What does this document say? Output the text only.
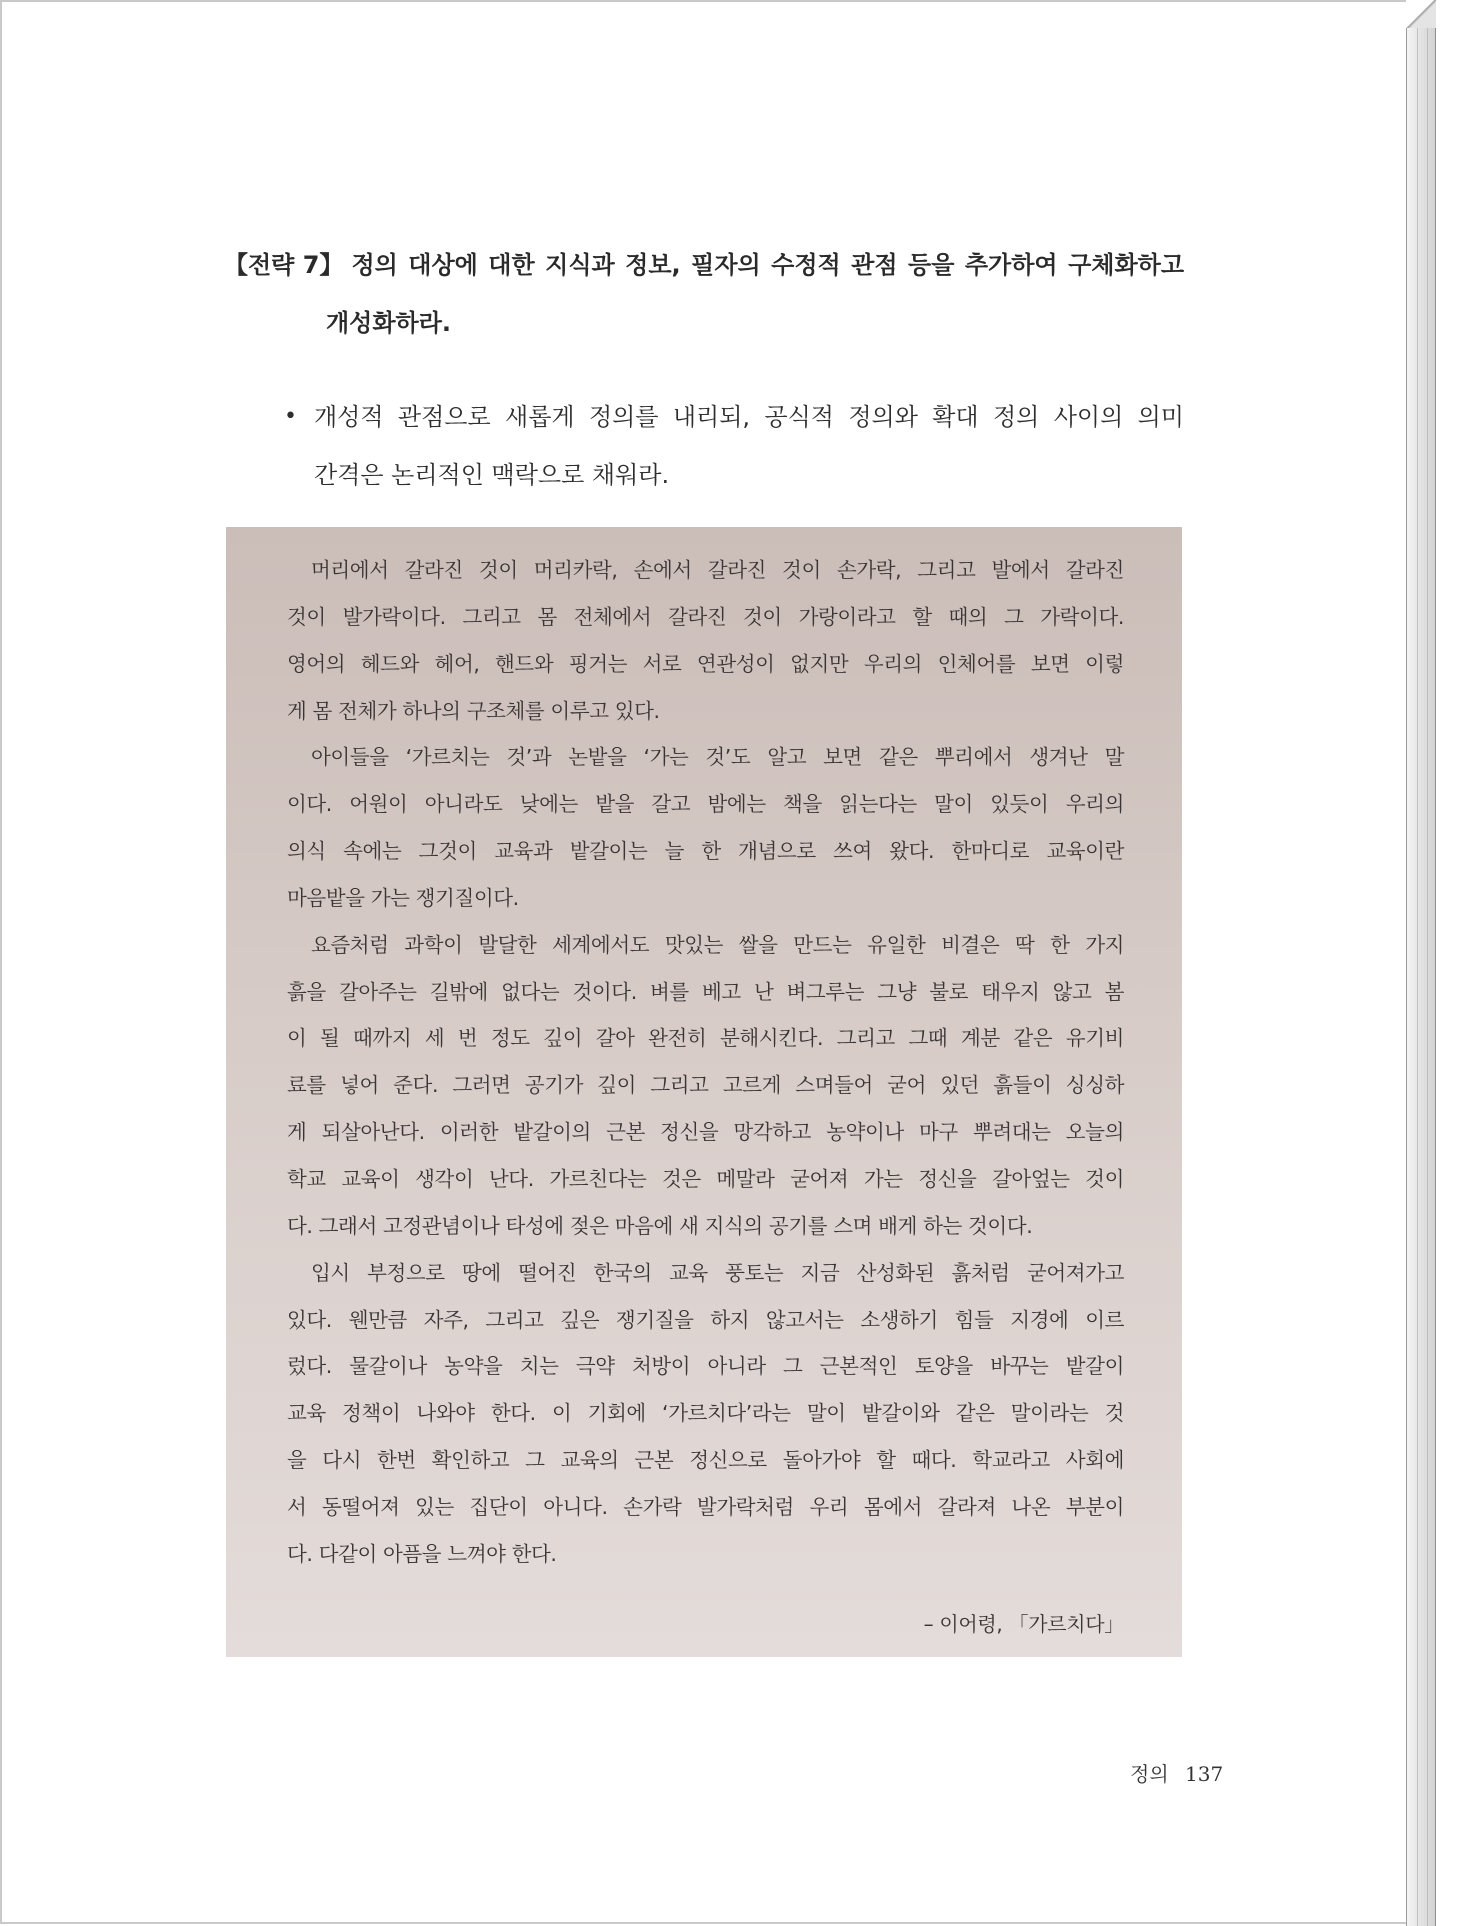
【전략 7】 정의 대상에 대한 지식과 정보, 필자의 수정적 관점 등을 추가하여 구체화하고
개성화하라.
• 개성적 관점으로 새롭게 정의를 내리되, 공식적 정의와 확대 정의 사이의 의미
간격은 논리적인 맥락으로 채워라.
머리에서 갈라진 것이 머리카락, 손에서 갈라진 것이 손가락, 그리고 발에서 갈라진
것이 발가락이다. 그리고 몸 전체에서 갈라진 것이 가랑이라고 할 때의 그 가락이다.
영어의 헤드와 헤어, 핸드와 핑거는 서로 연관성이 없지만 우리의 인체어를 보면 이렇
게 몸 전체가 하나의 구조체를 이루고 있다.
아이들을 ‘가르치는 것’과 논밭을 ‘가는 것’도 알고 보면 같은 뿌리에서 생겨난 말
이다. 어원이 아니라도 낮에는 밭을 갈고 밤에는 책을 읽는다는 말이 있듯이 우리의
의식 속에는 그것이 교육과 밭갈이는 늘 한 개념으로 쓰여 왔다. 한마디로 교육이란
마음밭을 가는 쟁기질이다.
요즘처럼 과학이 발달한 세계에서도 맛있는 쌀을 만드는 유일한 비결은 딱 한 가지
흙을 갈아주는 길밖에 없다는 것이다. 벼를 베고 난 벼그루는 그냥 불로 태우지 않고 봄
이 될 때까지 세 번 정도 깊이 갈아 완전히 분해시킨다. 그리고 그때 계분 같은 유기비
료를 넣어 준다. 그러면 공기가 깊이 그리고 고르게 스며들어 굳어 있던 흙들이 싱싱하
게 되살아난다. 이러한 밭갈이의 근본 정신을 망각하고 농약이나 마구 뿌려대는 오늘의
학교 교육이 생각이 난다. 가르친다는 것은 메말라 굳어져 가는 정신을 갈아엎는 것이
다. 그래서 고정관념이나 타성에 젖은 마음에 새 지식의 공기를 스며 배게 하는 것이다.
입시 부정으로 땅에 떨어진 한국의 교육 풍토는 지금 산성화된 흙처럼 굳어져가고
있다. 웬만큼 자주, 그리고 깊은 쟁기질을 하지 않고서는 소생하기 힘들 지경에 이르
렀다. 물갈이나 농약을 치는 극약 처방이 아니라 그 근본적인 토양을 바꾸는 밭갈이
교육 정책이 나와야 한다. 이 기회에 ‘가르치다’라는 말이 밭갈이와 같은 말이라는 것
을 다시 한번 확인하고 그 교육의 근본 정신으로 돌아가야 할 때다. 학교라고 사회에
서 동떨어져 있는 집단이 아니다. 손가락 발가락처럼 우리 몸에서 갈라져 나온 부분이
다. 다같이 아픔을 느껴야 한다.
– 이어령, 「가르치다」
정의 137
